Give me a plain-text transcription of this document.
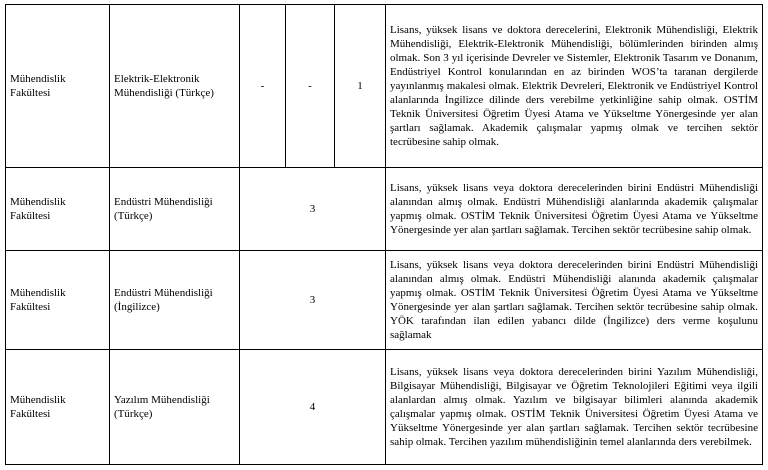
Mühendislik Fakültesi	Elektrik-Elektronik Mühendisliği (Türkçe)	-	-	1	Lisans, yüksek lisans ve doktora derecelerini, Elektronik Mühendisliği, Elektrik Mühendisliği, Elektrik-Elektronik Mühendisliği, bölümlerinden birinden almış olmak. Son 3 yıl içerisinde Devreler ve Sistemler, Elektronik Tasarım ve Donanım, Endüstriyel Kontrol konularından en az birinden WOS’ta taranan dergilerde yayınlanmış makalesi olmak. Elektrik Devreleri, Elektronik ve Endüstriyel Kontrol alanlarında İngilizce dilinde ders verebilme yetkinliğine sahip olmak. OSTİM Teknik Üniversitesi Öğretim Üyesi Atama ve Yükseltme Yönergesinde yer alan şartları sağlamak. Akademik çalışmalar yapmış olmak ve tercihen sektör tecrübesine sahip olmak.
Mühendislik Fakültesi	Endüstri Mühendisliği (Türkçe)	3			Lisans, yüksek lisans veya doktora derecelerinden birini Endüstri Mühendisliği alanından almış olmak. Endüstri Mühendisliği alanlarında akademik çalışmalar yapmış olmak. OSTİM Teknik Üniversitesi Öğretim Üyesi Atama ve Yükseltme Yönergesinde yer alan şartları sağlamak. Tercihen sektör tecrübesine sahip olmak.
Mühendislik Fakültesi	Endüstri Mühendisliği (İngilizce)	3			Lisans, yüksek lisans veya doktora derecelerinden birini Endüstri Mühendisliği alanından almış olmak. Endüstri Mühendisliği alanında akademik çalışmalar yapmış olmak. OSTİM Teknik Üniversitesi Öğretim Üyesi Atama ve Yükseltme Yönergesinde yer alan şartları sağlamak. Tercihen sektör tecrübesine sahip olmak. YÖK tarafından ilan edilen yabancı dilde (İngilizce) ders verme koşulunu sağlamak
Mühendislik Fakültesi	Yazılım Mühendisliği (Türkçe)	4			Lisans, yüksek lisans veya doktora derecelerinden birini Yazılım Mühendisliği, Bilgisayar Mühendisliği, Bilgisayar ve Öğretim Teknolojileri Eğitimi veya ilgili alanlardan almış olmak. Yazılım ve bilgisayar bilimleri alanında akademik çalışmalar yapmış olmak. OSTİM Teknik Üniversitesi Öğretim Üyesi Atama ve Yükseltme Yönergesinde yer alan şartları sağlamak. Tercihen sektör tecrübesine sahip olmak. Tercihen yazılım mühendisliğinin temel alanlarında ders verebilmek.
